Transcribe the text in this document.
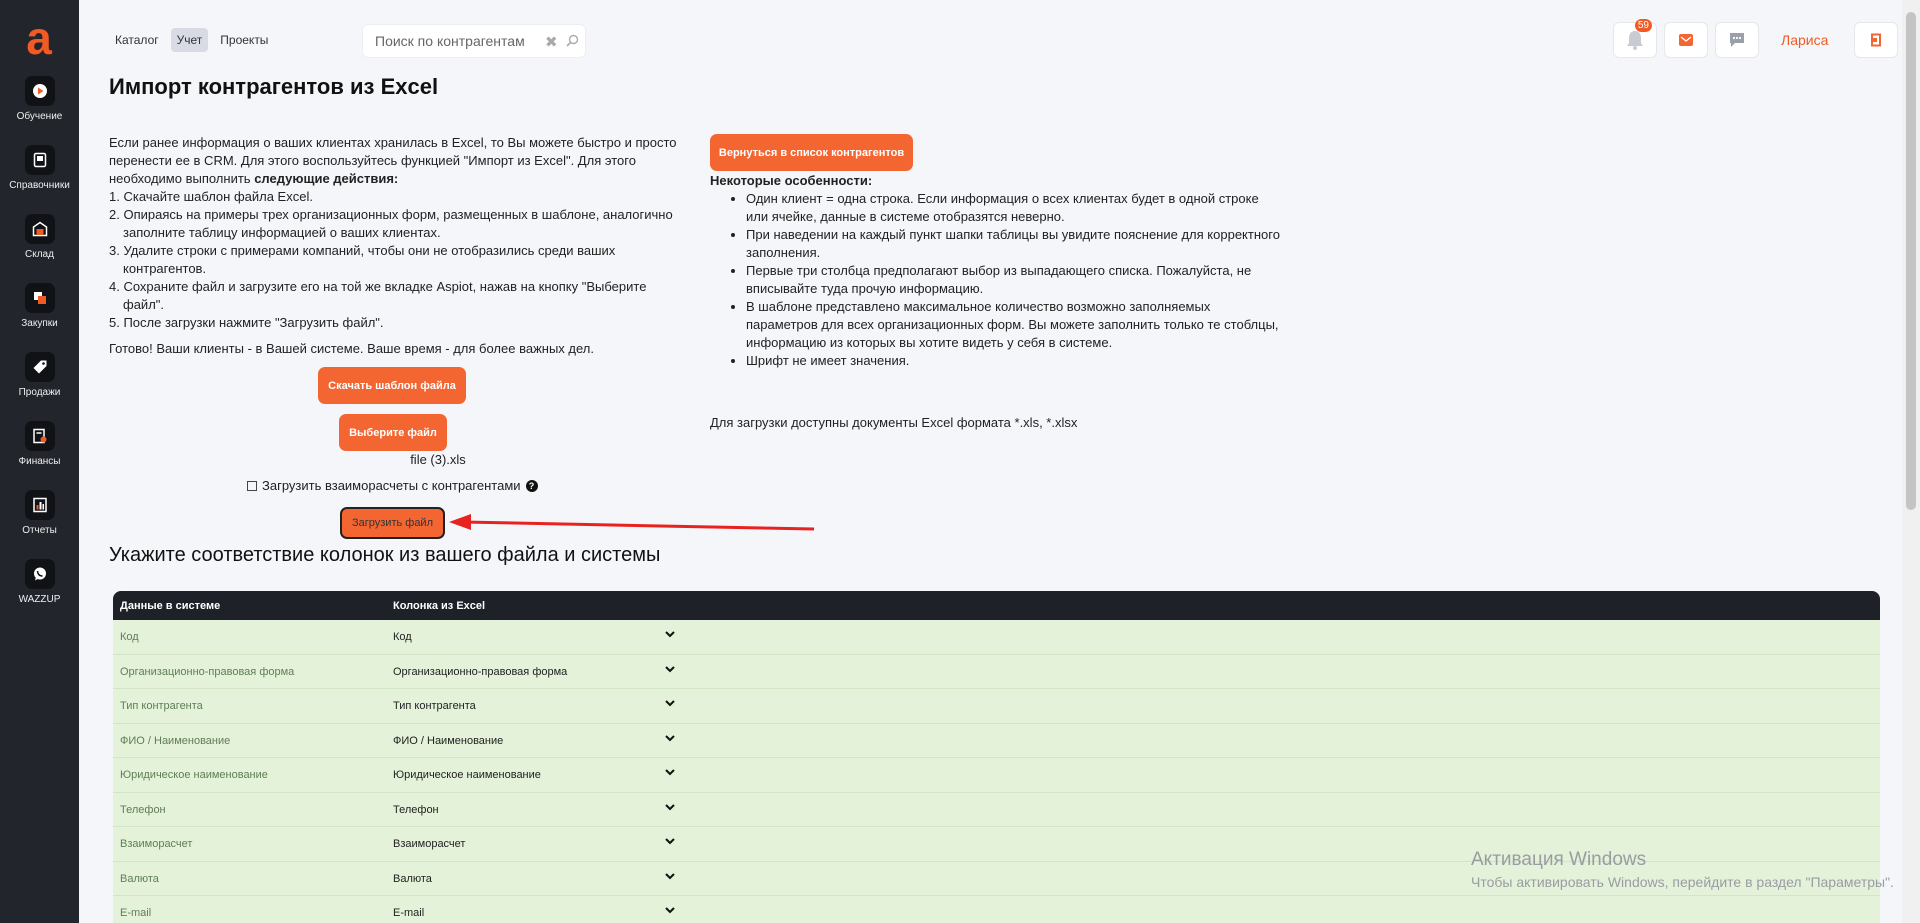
a
Обучение
Справочники
Склад
Закупки
Продажи
Финансы
Отчеты
WAZZUP
Каталог	Учет	Проекты
Поиск по контрагентам	✖
59
Лариса
Импорт контрагентов из Excel

Если ранее информация о ваших клиентах хранилась в Excel, то Вы можете быстро и просто перенести ее в CRM. Для этого воспользуйтесь функцией "Импорт из Excel". Для этого необходимо выполнить следующие действия:

1. Скачайте шаблон файла Excel.

2. Опираясь на примеры трех организационных форм, размещенных в шаблоне, аналогично заполните таблицу информацией о ваших клиентах.

3. Удалите строки с примерами компаний, чтобы они не отобразились среди ваших контрагентов.

4. Сохраните файл и загрузите его на той же вкладке Aspiot, нажав на кнопку "Выберите файл".

5. После загрузки нажмите "Загрузить файл".

Готово! Ваши клиенты - в Вашей системе. Ваше время - для более важных дел.

Скачать шаблон файла
Выберите файл
file (3).xls
Загрузить взаиморасчеты с контрагентами ?
Загрузить файл
Вернуться в список контрагентов
Некоторые особенности:
• Один клиент = одна строка. Если информация о всех клиентах будет в одной строке или ячейке, данные в системе отобразятся неверно.
• При наведении на каждый пункт шапки таблицы вы увидите пояснение для корректного заполнения.
• Первые три столбца предполагают выбор из выпадающего списка. Пожалуйста, не вписывайте туда прочую информацию.
• В шаблоне представлено максимальное количество возможно заполняемых параметров для всех организационных форм. Вы можете заполнить только те стоблцы, информацию из которых вы хотите видеть у себя в системе.
• Шрифт не имеет значения.
Для загрузки доступны документы Excel формата *.xls, *.xlsx
Укажите соответствие колонок из вашего файла и системы
Данные в системе	Колонка из Excel
Код	Код
Организационно-правовая форма	Организационно-правовая форма
Тип контрагента	Тип контрагента
ФИО / Наименование	ФИО / Наименование
Юридическое наименование	Юридическое наименование
Телефон	Телефон
Взаиморасчет	Взаиморасчет
Валюта	Валюта
E-mail	E-mail
Активация Windows
Чтобы активировать Windows, перейдите в раздел "Параметры".
